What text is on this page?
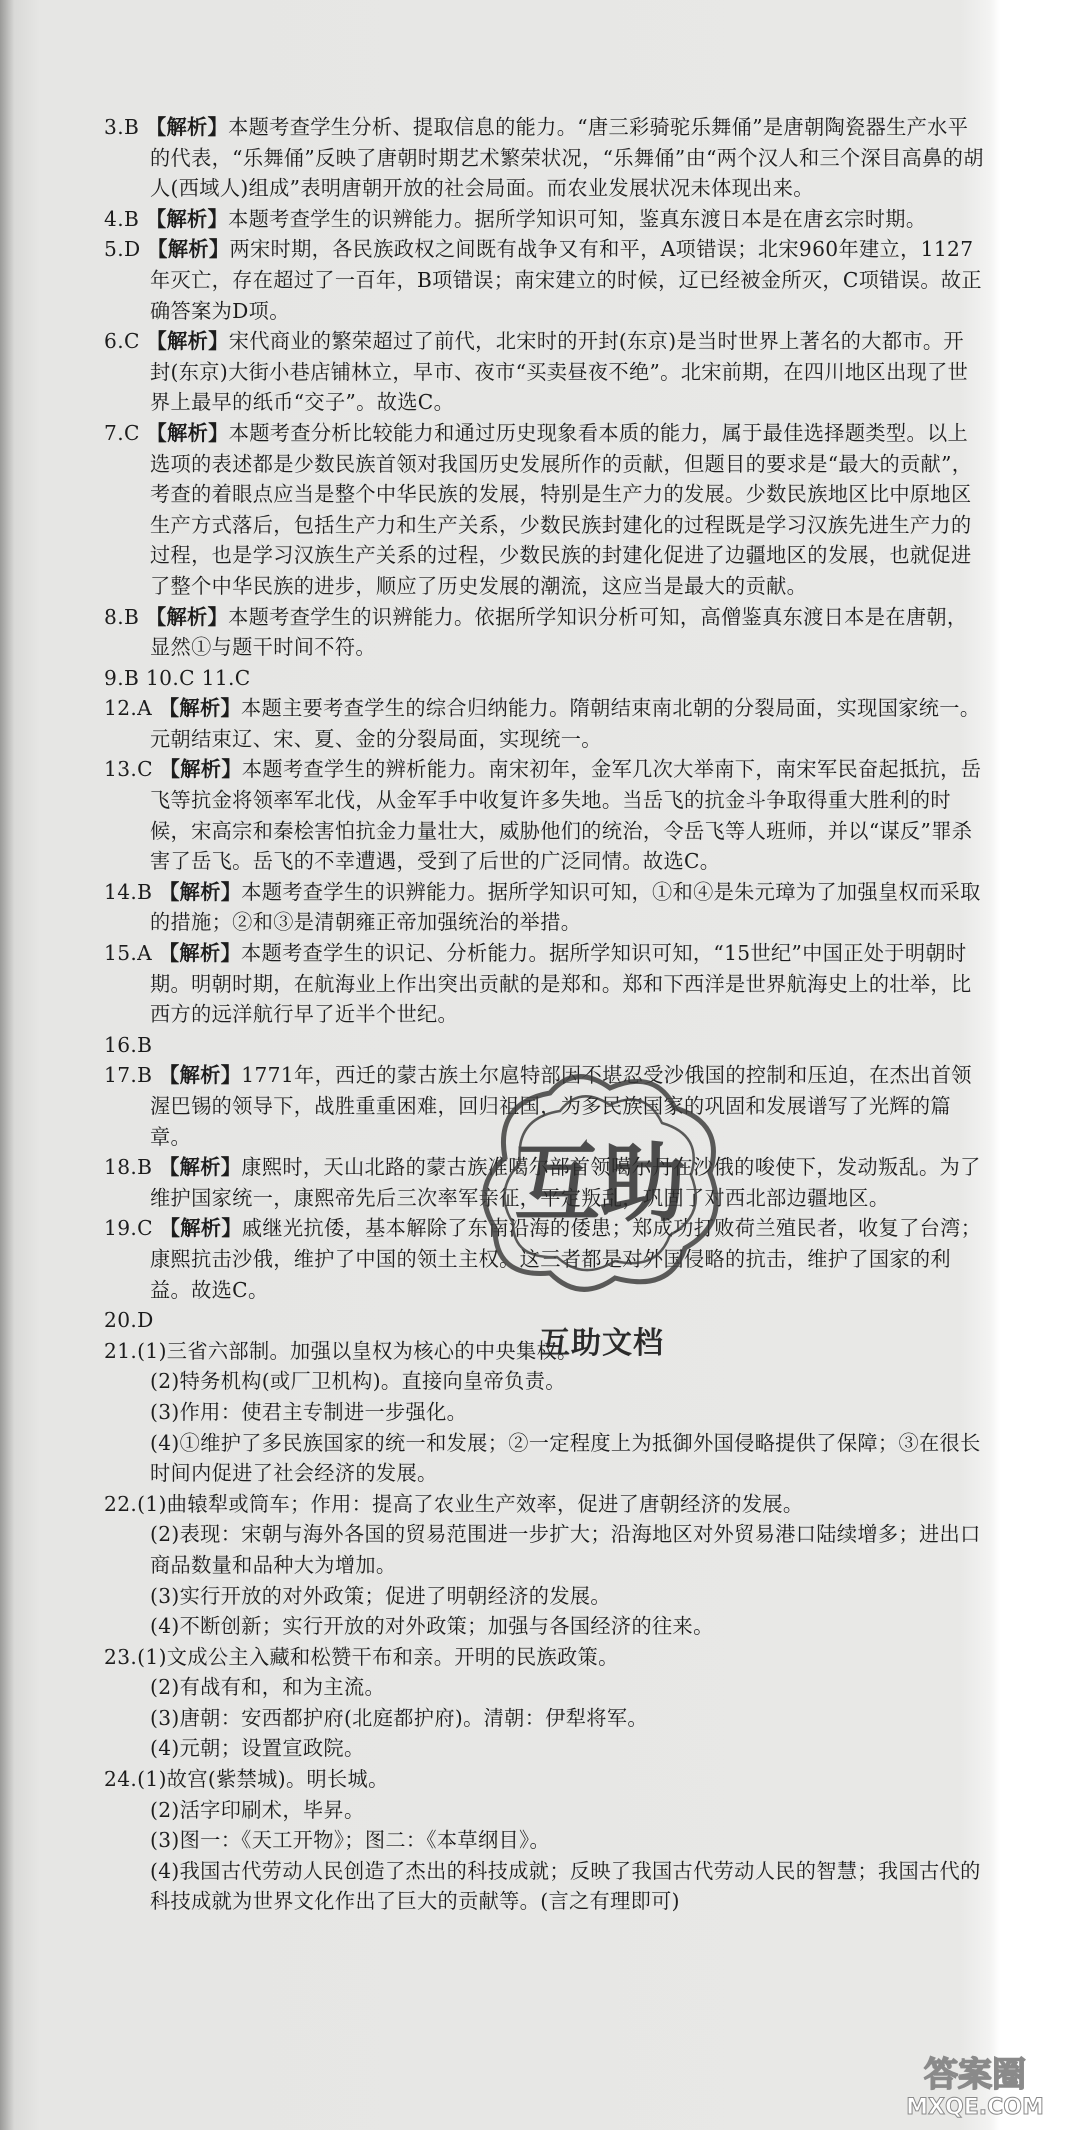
3.B 【解析】本题考查学生分析、提取信息的能力。“唐三彩骑驼乐舞俑”是唐朝陶瓷器生产水平的代表，“乐舞俑”反映了唐朝时期艺术繁荣状况，“乐舞俑”由“两个汉人和三个深目高鼻的胡人(西域人)组成”表明唐朝开放的社会局面。而农业发展状况未体现出来。

4.B 【解析】本题考查学生的识辨能力。据所学知识可知，鉴真东渡日本是在唐玄宗时期。

5.D 【解析】两宋时期，各民族政权之间既有战争又有和平，A项错误；北宋960年建立，1127年灭亡，存在超过了一百年，B项错误；南宋建立的时候，辽已经被金所灭，C项错误。故正确答案为D项。

6.C 【解析】宋代商业的繁荣超过了前代，北宋时的开封(东京)是当时世界上著名的大都市。开封(东京)大街小巷店铺林立，早市、夜市“买卖昼夜不绝”。北宋前期，在四川地区出现了世界上最早的纸币“交子”。故选C。

7.C 【解析】本题考查分析比较能力和通过历史现象看本质的能力，属于最佳选择题类型。以上选项的表述都是少数民族首领对我国历史发展所作的贡献，但题目的要求是“最大的贡献”，考查的着眼点应当是整个中华民族的发展，特别是生产力的发展。少数民族地区比中原地区生产方式落后，包括生产力和生产关系，少数民族封建化的过程既是学习汉族先进生产力的过程，也是学习汉族生产关系的过程，少数民族的封建化促进了边疆地区的发展，也就促进了整个中华民族的进步，顺应了历史发展的潮流，这应当是最大的贡献。

8.B 【解析】本题考查学生的识辨能力。依据所学知识分析可知，高僧鉴真东渡日本是在唐朝，显然①与题干时间不符。

9.B 10.C 11.C

12.A 【解析】本题主要考查学生的综合归纳能力。隋朝结束南北朝的分裂局面，实现国家统一。元朝结束辽、宋、夏、金的分裂局面，实现统一。

13.C 【解析】本题考查学生的辨析能力。南宋初年，金军几次大举南下，南宋军民奋起抵抗，岳飞等抗金将领率军北伐，从金军手中收复许多失地。当岳飞的抗金斗争取得重大胜利的时候，宋高宗和秦桧害怕抗金力量壮大，威胁他们的统治，令岳飞等人班师，并以“谋反”罪杀害了岳飞。岳飞的不幸遭遇，受到了后世的广泛同情。故选C。

14.B 【解析】本题考查学生的识辨能力。据所学知识可知，①和④是朱元璋为了加强皇权而采取的措施；②和③是清朝雍正帝加强统治的举措。

15.A 【解析】本题考查学生的识记、分析能力。据所学知识可知，“15世纪”中国正处于明朝时期。明朝时期，在航海业上作出突出贡献的是郑和。郑和下西洋是世界航海史上的壮举，比西方的远洋航行早了近半个世纪。

16.B

17.B 【解析】1771年，西迁的蒙古族土尔扈特部因不堪忍受沙俄国的控制和压迫，在杰出首领渥巴锡的领导下，战胜重重困难，回归祖国，为多民族国家的巩固和发展谱写了光辉的篇章。

18.B 【解析】康熙时，天山北路的蒙古族准噶尔部首领噶尔丹在沙俄的唆使下，发动叛乱。为了维护国家统一，康熙帝先后三次率军亲征，平定叛乱，巩固了对西北部边疆地区。

19.C 【解析】戚继光抗倭，基本解除了东南沿海的倭患；郑成功打败荷兰殖民者，收复了台湾；康熙抗击沙俄，维护了中国的领土主权。这三者都是对外国侵略的抗击，维护了国家的利益。故选C。

20.D

21.(1)三省六部制。加强以皇权为核心的中央集权。

(2)特务机构(或厂卫机构)。直接向皇帝负责。

(3)作用：使君主专制进一步强化。

(4)①维护了多民族国家的统一和发展；②一定程度上为抵御外国侵略提供了保障；③在很长时间内促进了社会经济的发展。

22.(1)曲辕犁或筒车；作用：提高了农业生产效率，促进了唐朝经济的发展。

(2)表现：宋朝与海外各国的贸易范围进一步扩大；沿海地区对外贸易港口陆续增多；进出口商品数量和品种大为增加。

(3)实行开放的对外政策；促进了明朝经济的发展。

(4)不断创新；实行开放的对外政策；加强与各国经济的往来。

23.(1)文成公主入藏和松赞干布和亲。开明的民族政策。

(2)有战有和，和为主流。

(3)唐朝：安西都护府(北庭都护府)。清朝：伊犁将军。

(4)元朝；设置宣政院。

24.(1)故宫(紫禁城)。明长城。

(2)活字印刷术，毕昇。

(3)图一：《天工开物》；图二：《本草纲目》。

(4)我国古代劳动人民创造了杰出的科技成就；反映了我国古代劳动人民的智慧；我国古代的科技成就为世界文化作出了巨大的贡献等。(言之有理即可)

互助
互助文档
答案圈
MXQE.COM
